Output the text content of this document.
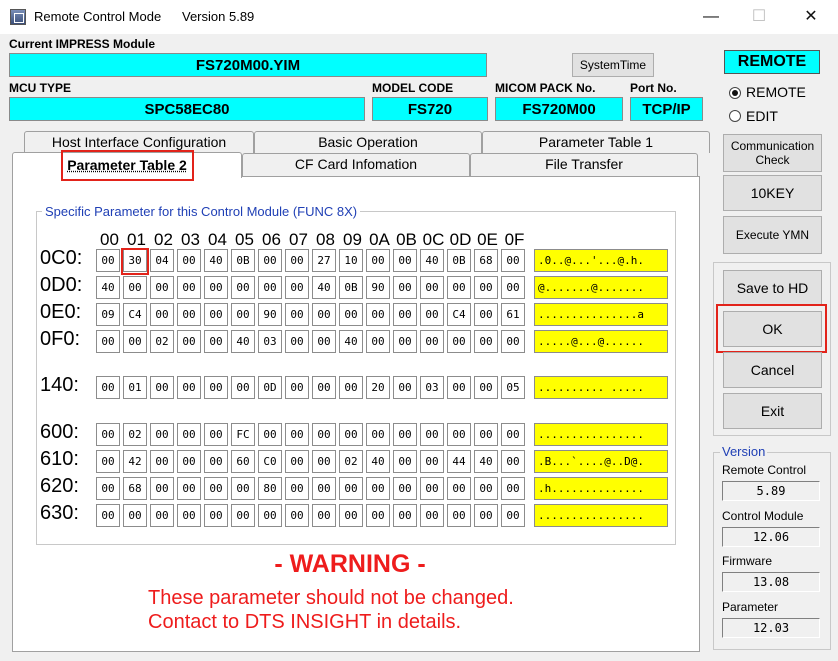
Remote Control Mode Version 5.89	—	☐	✕
Current IMPRESS Module
FS720M00.YIM	SystemTime
MCU TYPE
SPC58EC80
MODEL CODE
FS720
MICOM PACK No.
FS720M00
Port No.
TCP/IP
Host Interface Configuration	Basic Operation	Parameter Table 1
CF Card Infomation	File Transfer
Parameter Table 2
Specific Parameter for this Control Module (FUNC 8X)
00 01 02 03 04 05 06 07 08 09 0A 0B 0C 0D 0E 0F
0C0:	00	30	04	00	40	0B	00	00	27	10	00	00	40	0B	68	00	.0..@...'...@.h.
0D0:	40	00	00	00	00	00	00	00	40	0B	90	00	00	00	00	00	@.......@.......
0E0:	09	C4	00	00	00	00	90	00	00	00	00	00	00	C4	00	61	...............a
0F0:	00	00	02	00	00	40	03	00	00	40	00	00	00	00	00	00	.....@...@......
140:	00	01	00	00	00	00	0D	00	00	00	20	00	03	00	00	05	.......... .....
600:	00	02	00	00	00	FC	00	00	00	00	00	00	00	00	00	00	................
610:	00	42	00	00	00	60	C0	00	00	02	40	00	00	44	40	00	.B...`....@..D@.
620:	00	68	00	00	00	00	80	00	00	00	00	00	00	00	00	00	.h..............
630:	00	00	00	00	00	00	00	00	00	00	00	00	00	00	00	00	................
- WARNING -
These parameter should not be changed.
Contact to DTS INSIGHT in details.
REMOTE
REMOTE
EDIT
Communication Check
10KEY
Execute YMN
Save to HD
OK
Cancel
Exit
Version
Remote Control
5.89
Control Module
12.06
Firmware
13.08
Parameter
12.03
